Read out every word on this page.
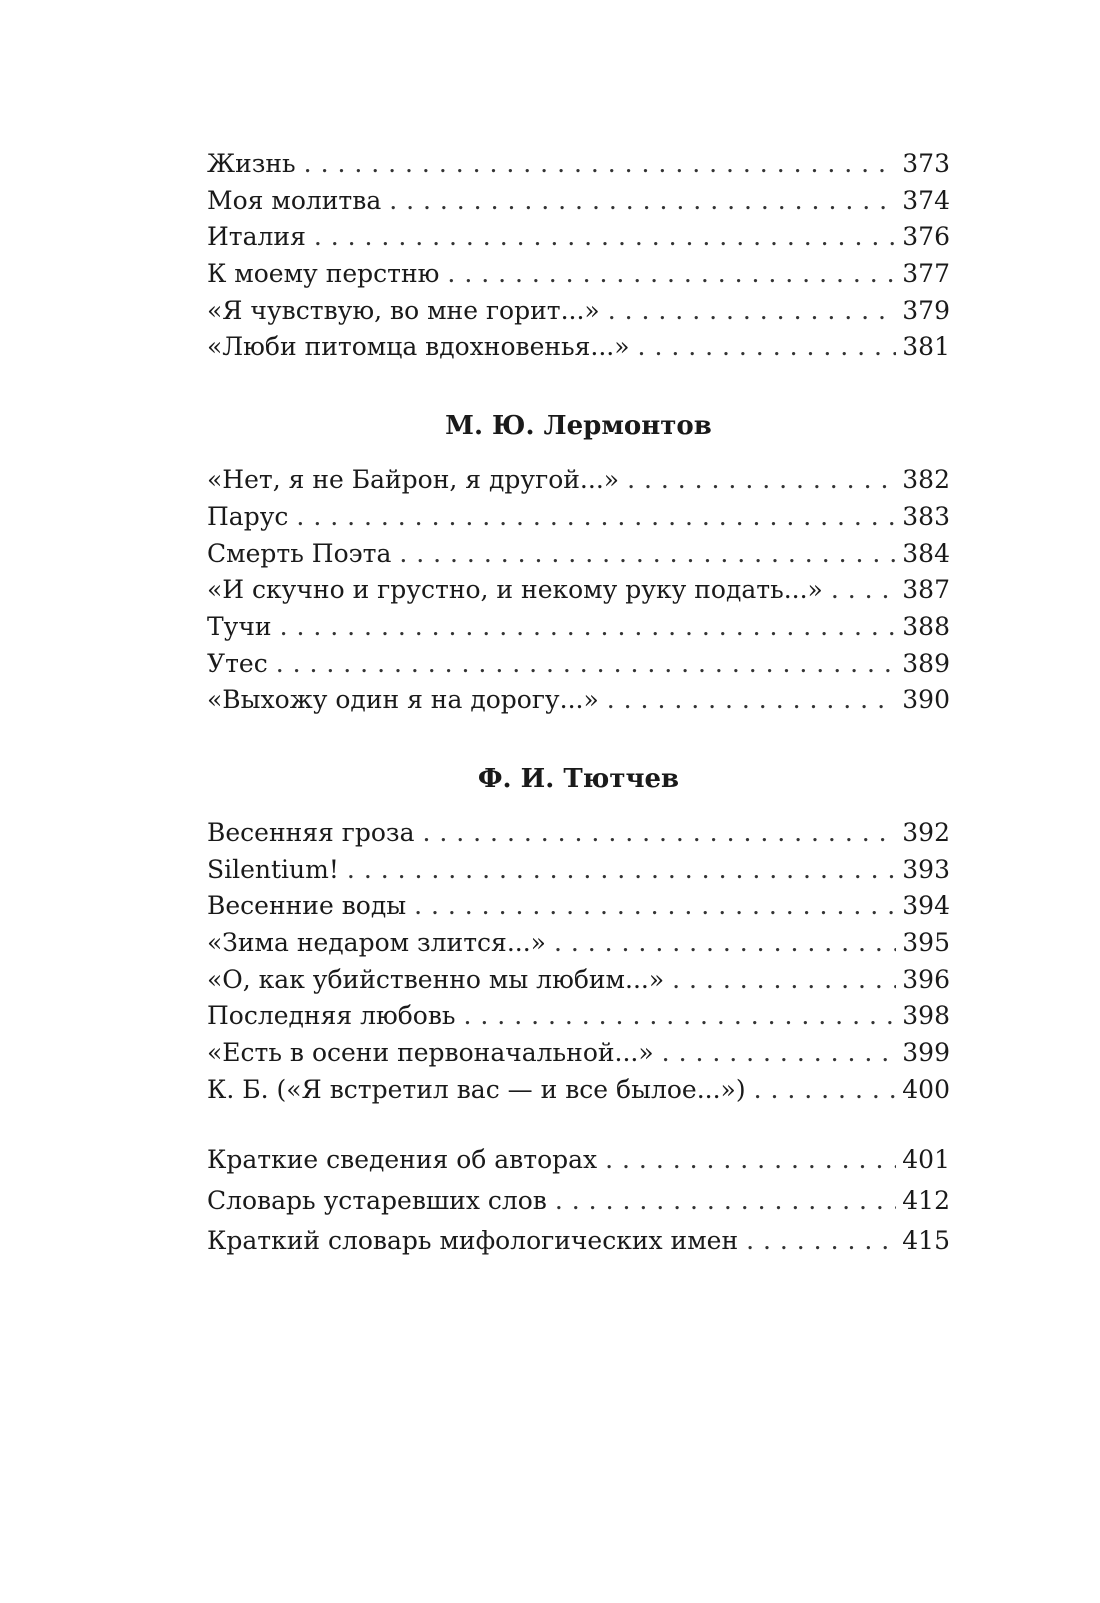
Жизнь . . .	373
Моя молитва . . .	374
Италия . . .	376
К моему перстню . . .	377
«Я чувствую, во мне горит...» . . .	379
«Люби питомца вдохновенья...» . . .	381
М. Ю. Лермонтов
«Нет, я не Байрон, я другой...» . . .	382
Парус . . .	383
Смерть Поэта . . .	384
«И скучно и грустно, и некому руку подать...» . . .	387
Тучи . . .	388
Утес . . .	389
«Выхожу один я на дорогу...» . . .	390
Ф. И. Тютчев
Весенняя гроза . . .	392
Silentium! . . .	393
Весенние воды . . .	394
«Зима недаром злится...» . . .	395
«О, как убийственно мы любим...» . . .	396
Последняя любовь . . .	398
«Есть в осени первоначальной...» . . .	399
К. Б. («Я встретил вас — и все былое...») . . .	400
Краткие сведения об авторах . . .	401
Словарь устаревших слов . . .	412
Краткий словарь мифологических имен . . .	415
